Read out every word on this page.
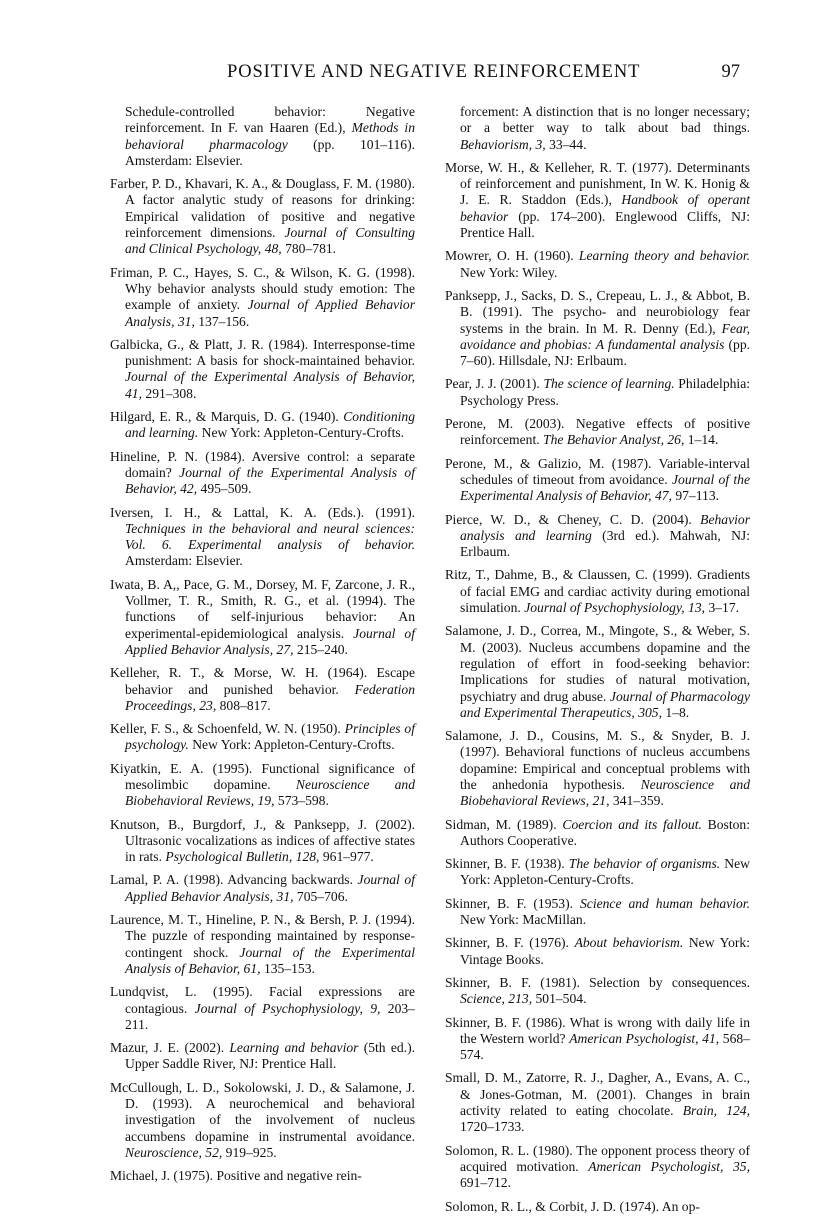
POSITIVE AND NEGATIVE REINFORCEMENT	97

Schedule-controlled behavior: Negative reinforcement. In F. van Haaren (Ed.), Methods in behavioral pharmacology (pp. 101–116). Amsterdam: Elsevier.

Farber, P. D., Khavari, K. A., & Douglass, F. M. (1980). A factor analytic study of reasons for drinking: Empirical validation of positive and negative reinforcement dimensions. Journal of Consulting and Clinical Psychology, 48, 780–781.

Friman, P. C., Hayes, S. C., & Wilson, K. G. (1998). Why behavior analysts should study emotion: The example of anxiety. Journal of Applied Behavior Analysis, 31, 137–156.

Galbicka, G., & Platt, J. R. (1984). Interresponse-time punishment: A basis for shock-maintained behavior. Journal of the Experimental Analysis of Behavior, 41, 291–308.

Hilgard, E. R., & Marquis, D. G. (1940). Conditioning and learning. New York: Appleton-Century-Crofts.

Hineline, P. N. (1984). Aversive control: a separate domain? Journal of the Experimental Analysis of Behavior, 42, 495–509.

Iversen, I. H., & Lattal, K. A. (Eds.). (1991). Techniques in the behavioral and neural sciences: Vol. 6. Experimental analysis of behavior. Amsterdam: Elsevier.

Iwata, B. A,, Pace, G. M., Dorsey, M. F, Zarcone, J. R., Vollmer, T. R., Smith, R. G., et al. (1994). The functions of self-injurious behavior: An experimental-epidemiological analysis. Journal of Applied Behavior Analysis, 27, 215–240.

Kelleher, R. T., & Morse, W. H. (1964). Escape behavior and punished behavior. Federation Proceedings, 23, 808–817.

Keller, F. S., & Schoenfeld, W. N. (1950). Principles of psychology. New York: Appleton-Century-Crofts.

Kiyatkin, E. A. (1995). Functional significance of mesolimbic dopamine. Neuroscience and Biobehavioral Reviews, 19, 573–598.

Knutson, B., Burgdorf, J., & Panksepp, J. (2002). Ultrasonic vocalizations as indices of affective states in rats. Psychological Bulletin, 128, 961–977.

Lamal, P. A. (1998). Advancing backwards. Journal of Applied Behavior Analysis, 31, 705–706.

Laurence, M. T., Hineline, P. N., & Bersh, P. J. (1994). The puzzle of responding maintained by response-contingent shock. Journal of the Experimental Analysis of Behavior, 61, 135–153.

Lundqvist, L. (1995). Facial expressions are contagious. Journal of Psychophysiology, 9, 203–211.

Mazur, J. E. (2002). Learning and behavior (5th ed.). Upper Saddle River, NJ: Prentice Hall.

McCullough, L. D., Sokolowski, J. D., & Salamone, J. D. (1993). A neurochemical and behavioral investigation of the involvement of nucleus accumbens dopamine in instrumental avoidance. Neuroscience, 52, 919–925.

Michael, J. (1975). Positive and negative rein-

forcement: A distinction that is no longer necessary; or a better way to talk about bad things. Behaviorism, 3, 33–44.

Morse, W. H., & Kelleher, R. T. (1977). Determinants of reinforcement and punishment, In W. K. Honig & J. E. R. Staddon (Eds.), Handbook of operant behavior (pp. 174–200). Englewood Cliffs, NJ: Prentice Hall.

Mowrer, O. H. (1960). Learning theory and behavior. New York: Wiley.

Panksepp, J., Sacks, D. S., Crepeau, L. J., & Abbot, B. B. (1991). The psycho- and neurobiology fear systems in the brain. In M. R. Denny (Ed.), Fear, avoidance and phobias: A fundamental analysis (pp. 7–60). Hillsdale, NJ: Erlbaum.

Pear, J. J. (2001). The science of learning. Philadelphia: Psychology Press.

Perone, M. (2003). Negative effects of positive reinforcement. The Behavior Analyst, 26, 1–14.

Perone, M., & Galizio, M. (1987). Variable-interval schedules of timeout from avoidance. Journal of the Experimental Analysis of Behavior, 47, 97–113.

Pierce, W. D., & Cheney, C. D. (2004). Behavior analysis and learning (3rd ed.). Mahwah, NJ: Erlbaum.

Ritz, T., Dahme, B., & Claussen, C. (1999). Gradients of facial EMG and cardiac activity during emotional simulation. Journal of Psychophysiology, 13, 3–17.

Salamone, J. D., Correa, M., Mingote, S., & Weber, S. M. (2003). Nucleus accumbens dopamine and the regulation of effort in food-seeking behavior: Implications for studies of natural motivation, psychiatry and drug abuse. Journal of Pharmacology and Experimental Therapeutics, 305, 1–8.

Salamone, J. D., Cousins, M. S., & Snyder, B. J. (1997). Behavioral functions of nucleus accumbens dopamine: Empirical and conceptual problems with the anhedonia hypothesis. Neuroscience and Biobehavioral Reviews, 21, 341–359.

Sidman, M. (1989). Coercion and its fallout. Boston: Authors Cooperative.

Skinner, B. F. (1938). The behavior of organisms. New York: Appleton-Century-Crofts.

Skinner, B. F. (1953). Science and human behavior. New York: MacMillan.

Skinner, B. F. (1976). About behaviorism. New York: Vintage Books.

Skinner, B. F. (1981). Selection by consequences. Science, 213, 501–504.

Skinner, B. F. (1986). What is wrong with daily life in the Western world? American Psychologist, 41, 568–574.

Small, D. M., Zatorre, R. J., Dagher, A., Evans, A. C., & Jones-Gotman, M. (2001). Changes in brain activity related to eating chocolate. Brain, 124, 1720–1733.

Solomon, R. L. (1980). The opponent process theory of acquired motivation. American Psychologist, 35, 691–712.

Solomon, R. L., & Corbit, J. D. (1974). An op-
